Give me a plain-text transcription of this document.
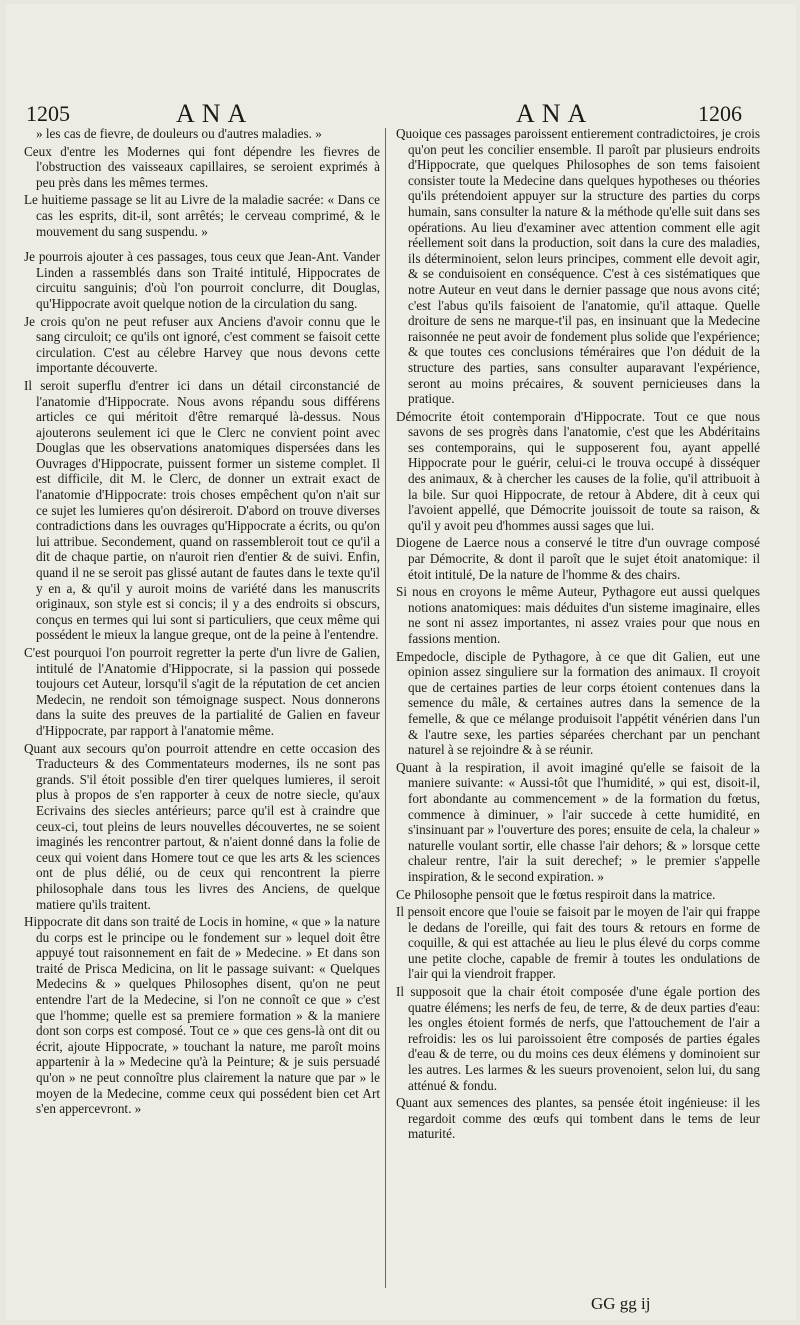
1205	ANA	ANA	1206

» les cas de fievre, de douleurs ou d'autres maladies. »

Ceux d'entre les Modernes qui font dépendre les fievres de l'obstruction des vaisseaux capillaires, se seroient exprimés à peu près dans les mêmes termes.

Le huitieme passage se lit au Livre de la maladie sacrée: « Dans ce cas les esprits, dit-il, sont arrêtés; le cerveau comprimé, & le mouvement du sang suspendu. »

Je pourrois ajouter à ces passages, tous ceux que Jean-Ant. Vander Linden a rassemblés dans son Traité intitulé, Hippocrates de circuitu sanguinis; d'où l'on pourroit conclurre, dit Douglas, qu'Hippocrate avoit quelque notion de la circulation du sang.

Je crois qu'on ne peut refuser aux Anciens d'avoir connu que le sang circuloit; ce qu'ils ont ignoré, c'est comment se faisoit cette circulation. C'est au célebre Harvey que nous devons cette importante découverte.

Il seroit superflu d'entrer ici dans un détail circonstancié de l'anatomie d'Hippocrate. Nous avons répandu sous différens articles ce qui méritoit d'être remarqué là-dessus. Nous ajouterons seulement ici que le Clerc ne convient point avec Douglas que les observations anatomiques dispersées dans les Ouvrages d'Hippocrate, puissent former un sisteme complet. Il est difficile, dit M. le Clerc, de donner un extrait exact de l'anatomie d'Hippocrate: trois choses empêchent qu'on n'ait sur ce sujet les lumieres qu'on désireroit. D'abord on trouve diverses contradictions dans les ouvrages qu'Hippocrate a écrits, ou qu'on lui attribue. Secondement, quand on rassembleroit tout ce qu'il a dit de chaque partie, on n'auroit rien d'entier & de suivi. Enfin, quand il ne se seroit pas glissé autant de fautes dans le texte qu'il y en a, & qu'il y auroit moins de variété dans les manuscrits originaux, son style est si concis; il y a des endroits si obscurs, conçus en termes qui lui sont si particuliers, que ceux même qui possédent le mieux la langue greque, ont de la peine à l'entendre.

C'est pourquoi l'on pourroit regretter la perte d'un livre de Galien, intitulé de l'Anatomie d'Hippocrate, si la passion qui possede toujours cet Auteur, lorsqu'il s'agit de la réputation de cet ancien Medecin, ne rendoit son témoignage suspect. Nous donnerons dans la suite des preuves de la partialité de Galien en faveur d'Hippocrate, par rapport à l'anatomie même.

Quant aux secours qu'on pourroit attendre en cette occasion des Traducteurs & des Commentateurs modernes, ils ne sont pas grands. S'il étoit possible d'en tirer quelques lumieres, il seroit plus à propos de s'en rapporter à ceux de notre siecle, qu'aux Ecrivains des siecles antérieurs; parce qu'il est à craindre que ceux-ci, tout pleins de leurs nouvelles découvertes, ne se soient imaginés les rencontrer partout, & n'aient donné dans la folie de ceux qui voient dans Homere tout ce que les arts & les sciences ont de plus délié, ou de ceux qui rencontrent la pierre philosophale dans tous les livres des Anciens, de quelque matiere qu'ils traitent.

Hippocrate dit dans son traité de Locis in homine, « que » la nature du corps est le principe ou le fondement sur » lequel doit être appuyé tout raisonnement en fait de » Medecine. » Et dans son traité de Prisca Medicina, on lit le passage suivant: « Quelques Medecins & » quelques Philosophes disent, qu'on ne peut entendre l'art de la Medecine, si l'on ne connoît ce que » c'est que l'homme; quelle est sa premiere formation » & la maniere dont son corps est composé. Tout ce » que ces gens-là ont dit ou écrit, ajoute Hippocrate, » touchant la nature, me paroît moins appartenir à la » Medecine qu'à la Peinture; & je suis persuadé qu'on » ne peut connoître plus clairement la nature que par » le moyen de la Medecine, comme ceux qui possédent bien cet Art s'en appercevront. »

Quoique ces passages paroissent entierement contradictoires, je crois qu'on peut les concilier ensemble. Il paroît par plusieurs endroits d'Hippocrate, que quelques Philosophes de son tems faisoient consister toute la Medecine dans quelques hypotheses ou théories qu'ils prétendoient appuyer sur la structure des parties du corps humain, sans consulter la nature & la méthode qu'elle suit dans ses opérations. Au lieu d'examiner avec attention comment elle agit réellement soit dans la production, soit dans la cure des maladies, ils déterminoient, selon leurs principes, comment elle devoit agir, & se conduisoient en conséquence. C'est à ces sistématiques que notre Auteur en veut dans le dernier passage que nous avons cité; c'est l'abus qu'ils faisoient de l'anatomie, qu'il attaque. Quelle droiture de sens ne marque-t'il pas, en insinuant que la Medecine raisonnée ne peut avoir de fondement plus solide que l'expérience; & que toutes ces conclusions téméraires que l'on déduit de la structure des parties, sans consulter auparavant l'expérience, seront au moins précaires, & souvent pernicieuses dans la pratique.

Démocrite étoit contemporain d'Hippocrate. Tout ce que nous savons de ses progrès dans l'anatomie, c'est que les Abdéritains ses contemporains, qui le supposerent fou, ayant appellé Hippocrate pour le guérir, celui-ci le trouva occupé à disséquer des animaux, & à chercher les causes de la folie, qu'il attribuoit à la bile. Sur quoi Hippocrate, de retour à Abdere, dit à ceux qui l'avoient appellé, que Démocrite jouissoit de toute sa raison, & qu'il y avoit peu d'hommes aussi sages que lui.

Diogene de Laerce nous a conservé le titre d'un ouvrage composé par Démocrite, & dont il paroît que le sujet étoit anatomique: il étoit intitulé, De la nature de l'homme & des chairs.

Si nous en croyons le même Auteur, Pythagore eut aussi quelques notions anatomiques: mais déduites d'un sisteme imaginaire, elles ne sont ni assez importantes, ni assez vraies pour que nous en fassions mention.

Empedocle, disciple de Pythagore, à ce que dit Galien, eut une opinion assez singuliere sur la formation des animaux. Il croyoit que de certaines parties de leur corps étoient contenues dans la semence du mâle, & certaines autres dans la semence de la femelle, & que ce mélange produisoit l'appétit vénérien dans l'un & l'autre sexe, les parties séparées cherchant par un penchant naturel à se rejoindre & à se réunir.

Quant à la respiration, il avoit imaginé qu'elle se faisoit de la maniere suivante: « Aussi-tôt que l'humidité, » qui est, disoit-il, fort abondante au commencement » de la formation du fœtus, commence à diminuer, » l'air succede à cette humidité, en s'insinuant par » l'ouverture des pores; ensuite de cela, la chaleur » naturelle voulant sortir, elle chasse l'air dehors; & » lorsque cette chaleur rentre, l'air la suit derechef; » le premier s'appelle inspiration, & le second expiration. »

Ce Philosophe pensoit que le fœtus respiroit dans la matrice.

Il pensoit encore que l'ouie se faisoit par le moyen de l'air qui frappe le dedans de l'oreille, qui fait des tours & retours en forme de coquille, & qui est attachée au lieu le plus élevé du corps comme une petite cloche, capable de fremir à toutes les ondulations de l'air qui la viendroit frapper.

Il supposoit que la chair étoit composée d'une égale portion des quatre élémens; les nerfs de feu, de terre, & de deux parties d'eau: les ongles étoient formés de nerfs, que l'attouchement de l'air a refroidis: les os lui paroissoient être composés de parties égales d'eau & de terre, ou du moins ces deux élémens y dominoient sur les autres. Les larmes & les sueurs provenoient, selon lui, du sang atténué & fondu.

Quant aux semences des plantes, sa pensée étoit ingénieuse: il les regardoit comme des œufs qui tombent dans le tems de leur maturité.

GG gg ij
